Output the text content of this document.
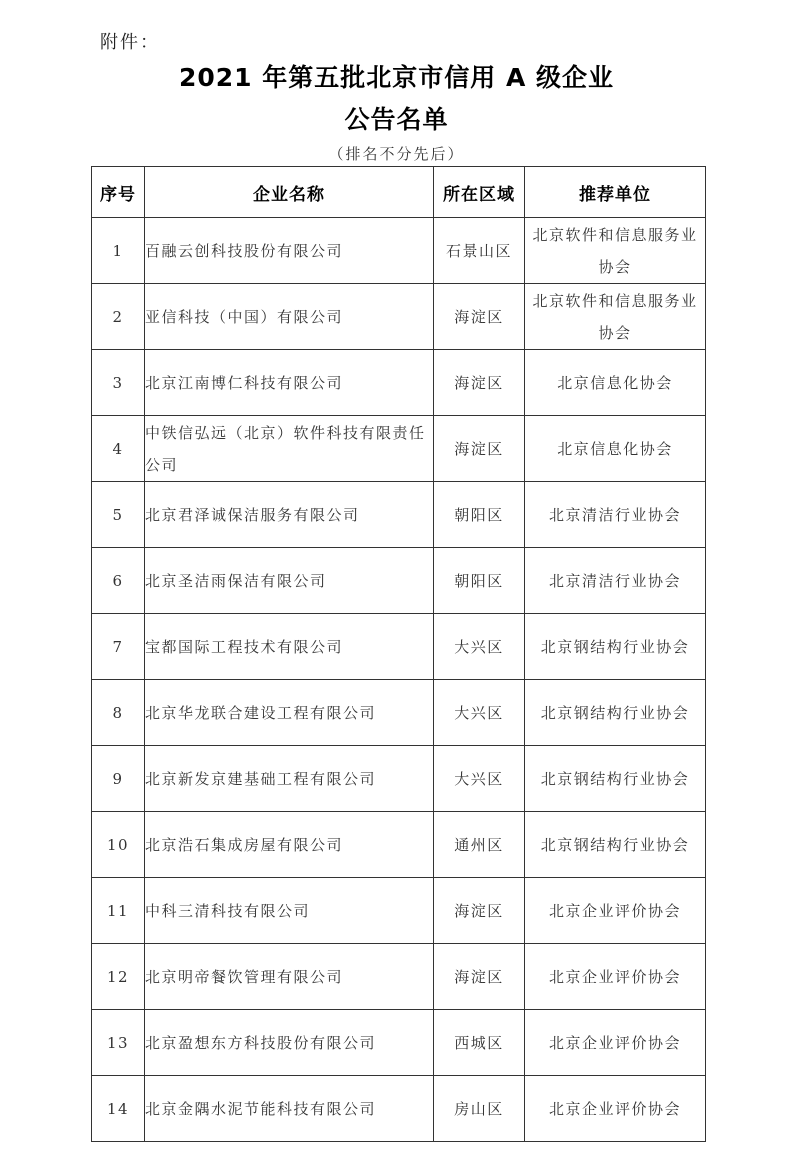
附件：
2021 年第五批北京市信用 A 级企业
公告名单
（排名不分先后）
序号	企业名称	所在区域	推荐单位
1	百融云创科技股份有限公司	石景山区	北京软件和信息服务业协会
2	亚信科技（中国）有限公司	海淀区	北京软件和信息服务业协会
3	北京江南博仁科技有限公司	海淀区	北京信息化协会
4	中铁信弘远（北京）软件科技有限责任公司	海淀区	北京信息化协会
5	北京君泽诚保洁服务有限公司	朝阳区	北京清洁行业协会
6	北京圣洁雨保洁有限公司	朝阳区	北京清洁行业协会
7	宝都国际工程技术有限公司	大兴区	北京钢结构行业协会
8	北京华龙联合建设工程有限公司	大兴区	北京钢结构行业协会
9	北京新发京建基础工程有限公司	大兴区	北京钢结构行业协会
10	北京浩石集成房屋有限公司	通州区	北京钢结构行业协会
11	中科三清科技有限公司	海淀区	北京企业评价协会
12	北京明帝餐饮管理有限公司	海淀区	北京企业评价协会
13	北京盈想东方科技股份有限公司	西城区	北京企业评价协会
14	北京金隅水泥节能科技有限公司	房山区	北京企业评价协会
